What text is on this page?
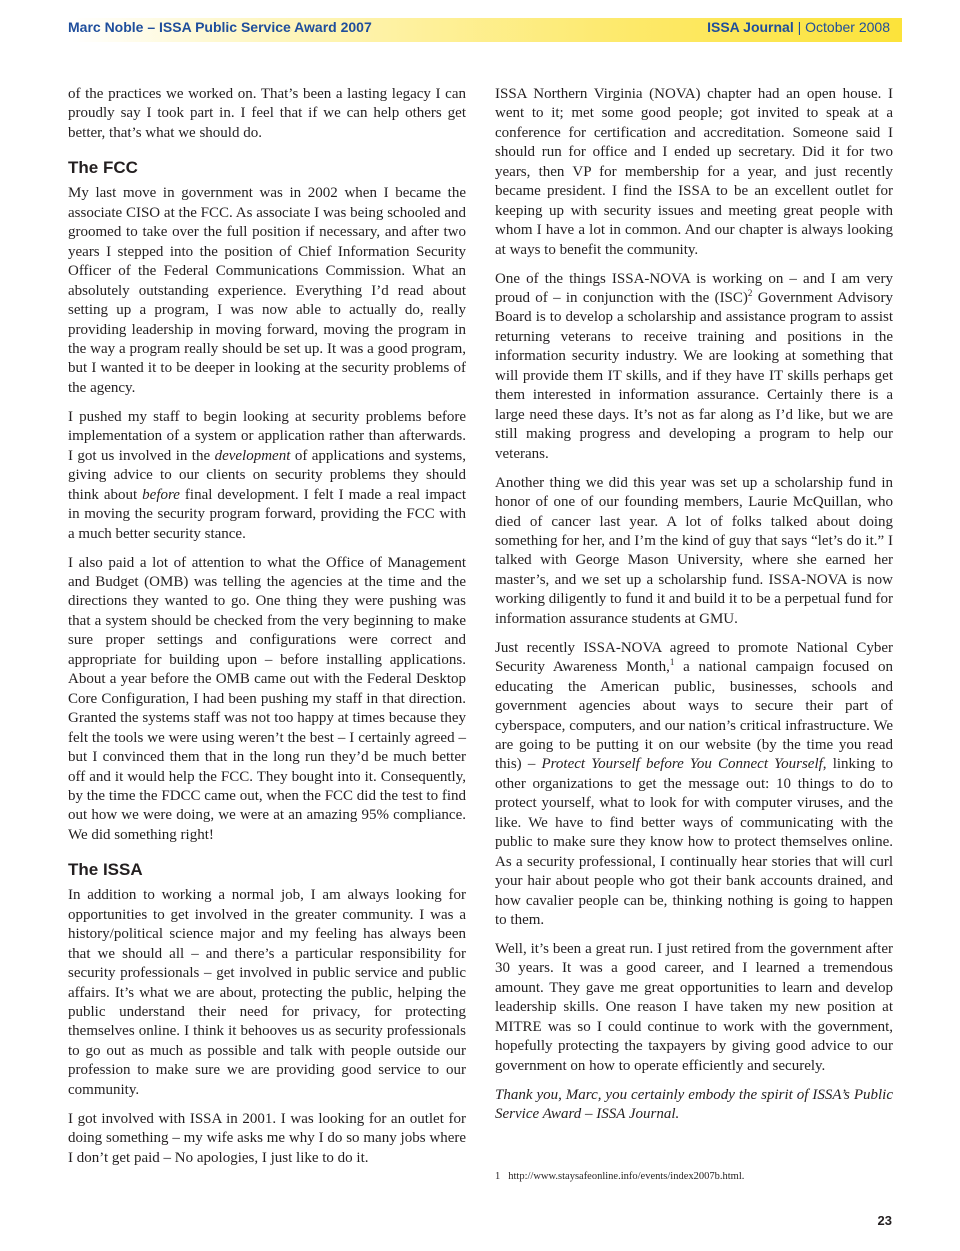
Marc Noble – ISSA Public Service Award 2007	ISSA Journal | October 2008

of the practices we worked on. That’s been a lasting legacy I can proudly say I took part in. I feel that if we can help others get better, that’s what we should do.

The FCC

My last move in government was in 2002 when I became the associate CISO at the FCC. As associate I was being schooled and groomed to take over the full position if necessary, and after two years I stepped into the position of Chief Information Security Officer of the Federal Communications Commission. What an absolutely outstanding experience. Everything I’d read about setting up a program, I was now able to actually do, really providing leadership in moving forward, moving the program in the way a program really should be set up. It was a good program, but I wanted it to be deeper in looking at the security problems of the agency.

I pushed my staff to begin looking at security problems before implementation of a system or application rather than afterwards. I got us involved in the development of applications and systems, giving advice to our clients on security problems they should think about before final development. I felt I made a real impact in moving the security program forward, providing the FCC with a much better security stance.

I also paid a lot of attention to what the Office of Management and Budget (OMB) was telling the agencies at the time and the directions they wanted to go. One thing they were pushing was that a system should be checked from the very beginning to make sure proper settings and configurations were correct and appropriate for building upon – before installing applications. About a year before the OMB came out with the Federal Desktop Core Configuration, I had been pushing my staff in that direction. Granted the systems staff was not too happy at times because they felt the tools we were using weren’t the best – I certainly agreed – but I convinced them that in the long run they’d be much better off and it would help the FCC. They bought into it. Consequently, by the time the FDCC came out, when the FCC did the test to find out how we were doing, we were at an amazing 95% compliance. We did something right!

The ISSA

In addition to working a normal job, I am always looking for opportunities to get involved in the greater community. I was a history/political science major and my feeling has always been that we should all – and there’s a particular responsibility for security professionals – get involved in public service and public affairs. It’s what we are about, protecting the public, helping the public understand their need for privacy, for protecting themselves online. I think it behooves us as security professionals to go out as much as possible and talk with people outside our profession to make sure we are providing good service to our community.

I got involved with ISSA in 2001. I was looking for an outlet for doing something – my wife asks me why I do so many jobs where I don’t get paid – No apologies, I just like to do it.

ISSA Northern Virginia (NOVA) chapter had an open house. I went to it; met some good people; got invited to speak at a conference for certification and accreditation. Someone said I should run for office and I ended up secretary. Did it for two years, then VP for membership for a year, and just recently became president. I find the ISSA to be an excellent outlet for keeping up with security issues and meeting great people with whom I have a lot in common. And our chapter is always looking at ways to benefit the community.

One of the things ISSA-NOVA is working on – and I am very proud of – in conjunction with the (ISC)$^2$ Government Advisory Board is to develop a scholarship and assistance program to assist returning veterans to receive training and positions in the information security industry. We are looking at something that will provide them IT skills, and if they have IT skills perhaps get them interested in information assurance. Certainly there is a large need these days. It’s not as far along as I’d like, but we are still making progress and developing a program to help our veterans.

Another thing we did this year was set up a scholarship fund in honor of one of our founding members, Laurie McQuillan, who died of cancer last year. A lot of folks talked about doing something for her, and I’m the kind of guy that says “let’s do it.” I talked with George Mason University, where she earned her master’s, and we set up a scholarship fund. ISSA-NOVA is now working diligently to fund it and build it to be a perpetual fund for information assurance students at GMU.

Just recently ISSA-NOVA agreed to promote National Cyber Security Awareness Month,$^1$ a national campaign focused on educating the American public, businesses, schools and government agencies about ways to secure their part of cyberspace, computers, and our nation’s critical infrastructure. We are going to be putting it on our website (by the time you read this) – Protect Yourself before You Connect Yourself, linking to other organizations to get the message out: 10 things to do to protect yourself, what to look for with computer viruses, and the like. We have to find better ways of communicating with the public to make sure they know how to protect themselves online. As a security professional, I continually hear stories that will curl your hair about people who got their bank accounts drained, and how cavalier people can be, thinking nothing is going to happen to them.

Well, it’s been a great run. I just retired from the government after 30 years. It was a good career, and I learned a tremendous amount. They gave me great opportunities to learn and develop leadership skills. One reason I have taken my new position at MITRE was so I could continue to work with the government, hopefully protecting the taxpayers by giving good advice to our government on how to operate efficiently and securely.

Thank you, Marc, you certainly embody the spirit of ISSA’s Public Service Award – ISSA Journal.

1 http://www.staysafeonline.info/events/index2007b.html.
23
